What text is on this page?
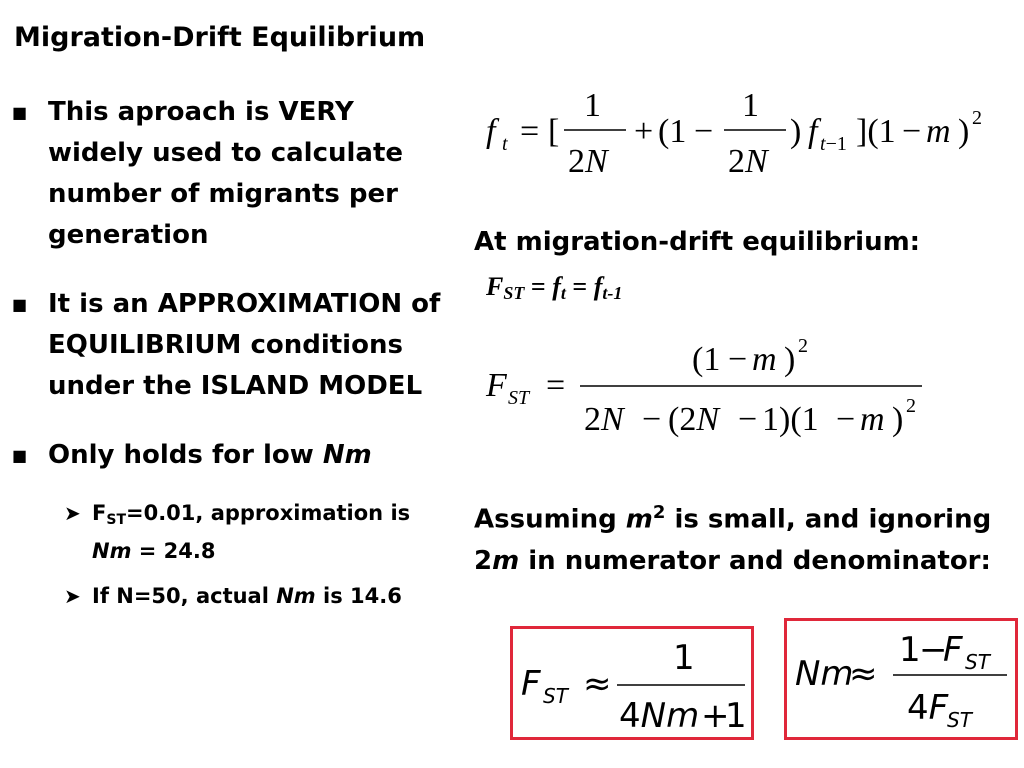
Migration-Drift Equilibrium
■ This aproach is VERY widely used to calculate number of migrants per generation
■ It is an APPROXIMATION of EQUILIBRIUM conditions under the ISLAND MODEL
■ Only holds for low Nm
➤ $F_{ST}=0.01$, approximation is Nm = 24.8
➤ If N=50, actual Nm is 14.6
f t = [
1
2N
+ (1 −
1
2N
) f t−1 ](1 − m ) 2
At migration-drift equilibrium:
$F_{ST} = f_t = f_{t-1}$
F ST =
(1 − m ) 2
2N − (2N − 1)(1 − m ) 2
Assuming $m^2$ is small, and ignoring 2m in numerator and denominator:
F ST ≈
1
4Nm +
1
Nm
≈
1
−
F ST
4F
ST
